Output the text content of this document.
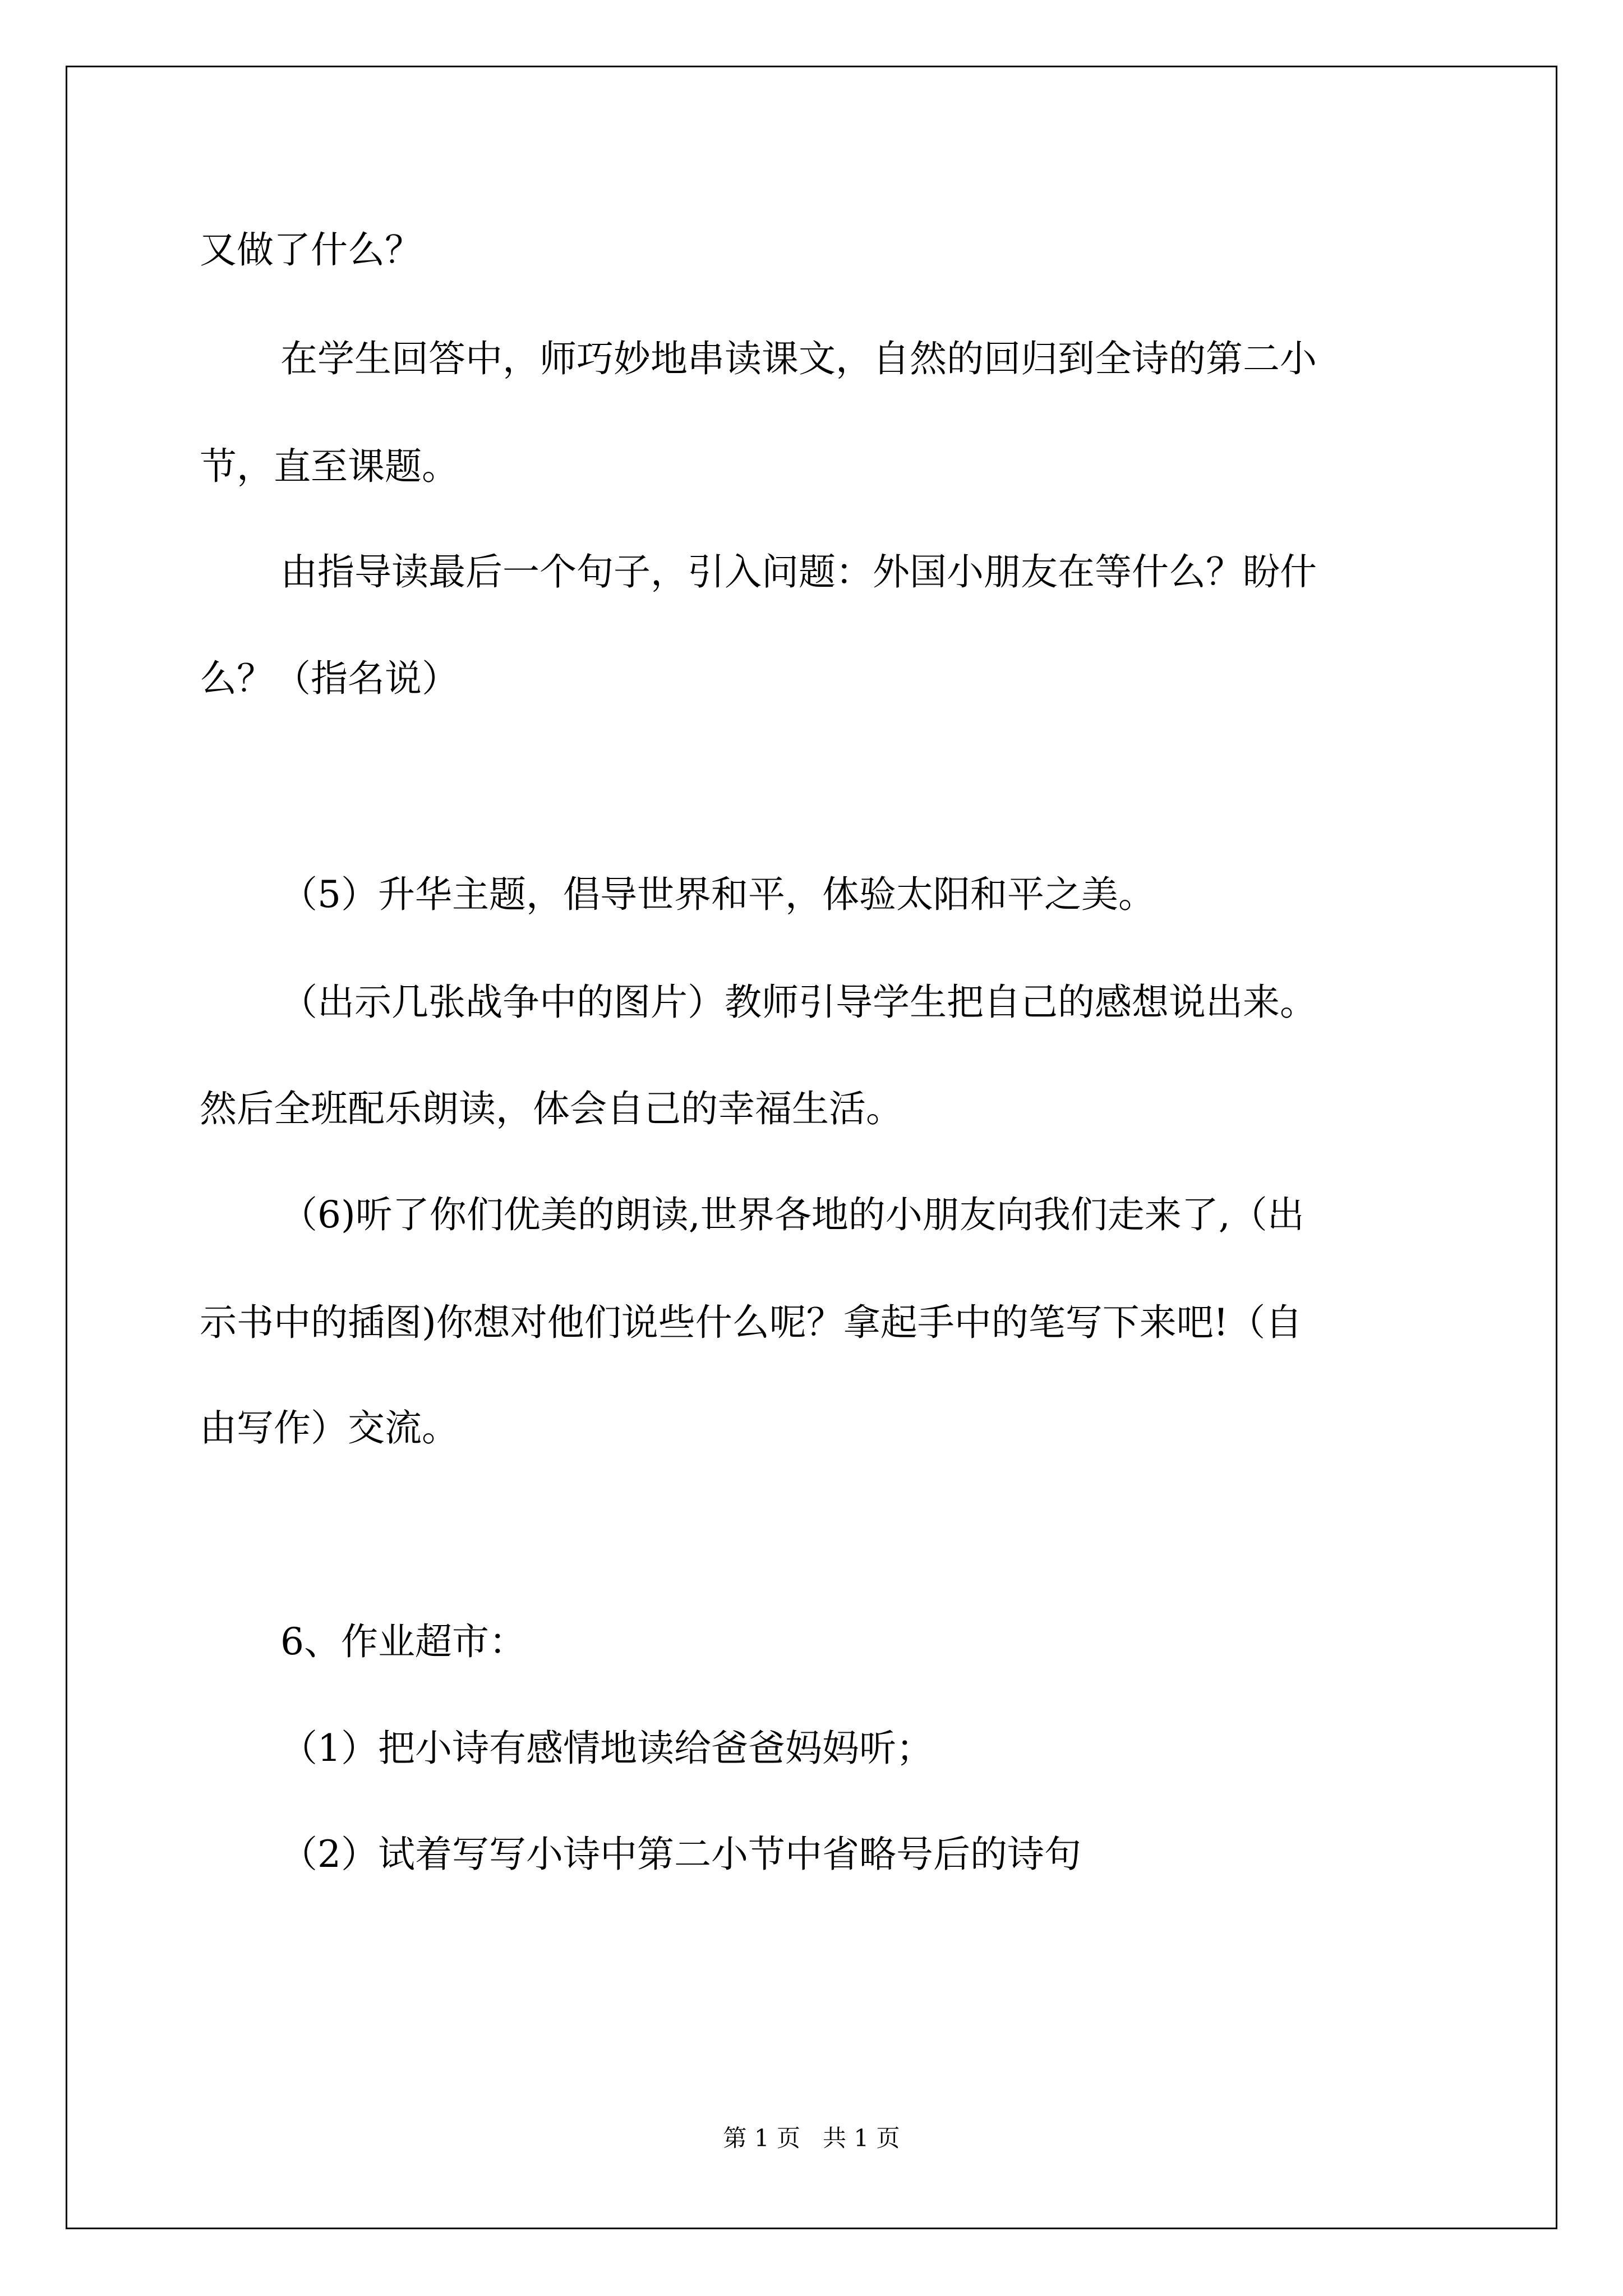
又做了什么？
在学生回答中，师巧妙地串读课文，自然的回归到全诗的第二小
节，直至课题。
由指导读最后一个句子，引入问题：外国小朋友在等什么？盼什
么？（指名说）
（5）升华主题，倡导世界和平，体验太阳和平之美。
（出示几张战争中的图片）教师引导学生把自己的感想说出来。
然后全班配乐朗读，体会自己的幸福生活。
（6)听了你们优美的朗读,世界各地的小朋友向我们走来了,（出
示书中的插图)你想对他们说些什么呢？拿起手中的笔写下来吧!（自
由写作）交流。
6、作业超市：
（1）把小诗有感情地读给爸爸妈妈听；
（2）试着写写小诗中第二小节中省略号后的诗句
第 1 页   共 1 页
